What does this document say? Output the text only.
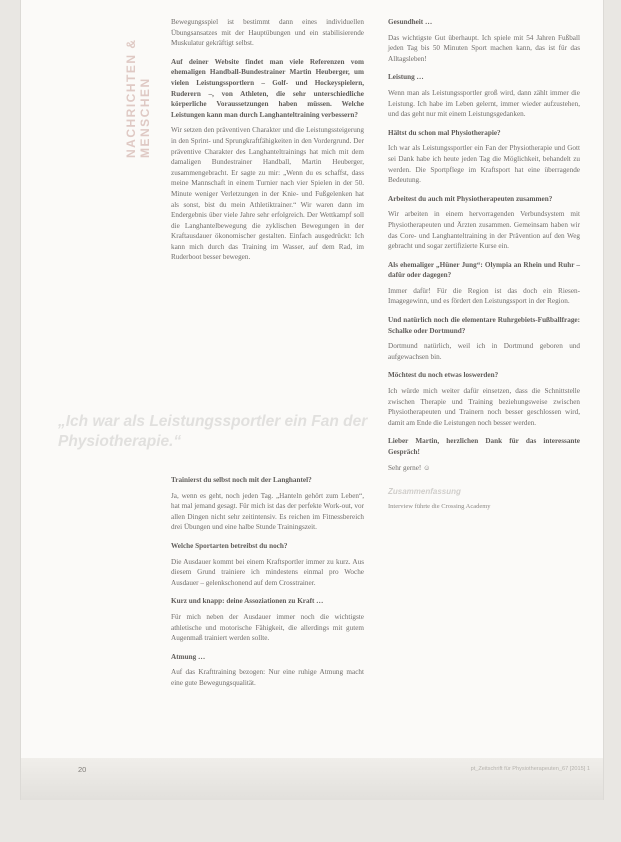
NACHRICHTEN & MENSCHEN

Bewegungsspiel ist bestimmt dann eines individuellen Übungsansatzes mit der Hauptübungen und ein stabilisierende Muskulatur gekräftigt selbst.

Auf deiner Website findet man viele Referenzen vom ehemaligen Handball-Bundestrainer Martin Heuberger, um vielen Leistungssportlern – Golf- und Hockeyspielern, Ruderern –, von Athleten, die sehr unterschiedliche körperliche Voraussetzungen haben müssen. Welche Leistungen kann man durch Langhanteltraining verbessern?

Wir setzen den präventiven Charakter und die Leistungssteigerung in den Sprint- und Sprungkraftfähigkeiten in den Vordergrund. Der präventive Charakter des Langhanteltrainings hat mich mit dem damaligen Bundestrainer Handball, Martin Heuberger, zusammengebracht. Er sagte zu mir: „Wenn du es schaffst, dass meine Mannschaft in einem Turnier nach vier Spielen in der 50. Minute weniger Verletzungen in der Knie- und Fußgelenken hat als sonst, bist du mein Athletiktrainer.“ Wir waren dann im Endergebnis über viele Jahre sehr erfolgreich. Der Wettkampf soll die Langhantelbewegung die zyklischen Bewegungen in der Kraftausdauer ökonomischer gestalten. Einfach ausgedrückt: Ich kann mich durch das Training im Wasser, auf dem Rad, im Ruderboot besser bewegen.

„Ich war als Leistungssportler ein Fan der Physiotherapie.“

Trainierst du selbst noch mit der Langhantel?

Ja, wenn es geht, noch jeden Tag. „Hanteln gehört zum Leben“, hat mal jemand gesagt. Für mich ist das der perfekte Work-out, vor allen Dingen nicht sehr zeitintensiv. Es reichen im Fitnessbereich drei Übungen und eine halbe Stunde Trainingszeit.

Welche Sportarten betreibst du noch?

Die Ausdauer kommt bei einem Kraftsportler immer zu kurz. Aus diesem Grund trainiere ich mindestens einmal pro Woche Ausdauer – gelenkschonend auf dem Crosstrainer.

Kurz und knapp: deine Assoziationen zu Kraft …

Für mich neben der Ausdauer immer noch die wichtigste athletische und motorische Fähigkeit, die allerdings mit gutem Augenmaß trainiert werden sollte.

Atmung …

Auf das Krafttraining bezogen: Nur eine ruhige Atmung macht eine gute Bewegungsqualität.

Gesundheit …

Das wichtigste Gut überhaupt. Ich spiele mit 54 Jahren Fußball jeden Tag bis 50 Minuten Sport machen kann, das ist für das Alltagsleben!

Leistung …

Wenn man als Leistungssportler groß wird, dann zählt immer die Leistung. Ich habe im Leben gelernt, immer wieder aufzustehen, und das geht nur mit einem Leistungsgedanken.

Hältst du schon mal Physiotherapie?

Ich war als Leistungssportler ein Fan der Physiotherapie und Gott sei Dank habe ich heute jeden Tag die Möglichkeit, behandelt zu werden. Die Sportpflege im Kraftsport hat eine überragende Bedeutung.

Arbeitest du auch mit Physiotherapeuten zusammen?

Wir arbeiten in einem hervorragenden Verbundsystem mit Physiotherapeuten und Ärzten zusammen. Gemeinsam haben wir das Core- und Langhanteltraining in der Prävention auf den Weg gebracht und sogar zertifizierte Kurse ein.

Als ehemaliger „Hüner Jung“: Olympia an Rhein und Ruhr – dafür oder dagegen?

Immer dafür! Für die Region ist das doch ein Riesen-Imagegewinn, und es fördert den Leistungssport in der Region.

Und natürlich noch die elementare Ruhrgebiets-Fußballfrage: Schalke oder Dortmund?

Dortmund natürlich, weil ich in Dortmund geboren und aufgewachsen bin.

Möchtest du noch etwas loswerden?

Ich würde mich weiter dafür einsetzen, dass die Schnittstelle zwischen Therapie und Training beziehungsweise zwischen Physiotherapeuten und Trainern noch besser geschlossen wird, damit am Ende die Leistungen noch besser werden.

Lieber Martin, herzlichen Dank für das interessante Gespräch!

Sehr gerne! ☺

Zusammenfassung
Interview führte die Crossing Academy
20	pt_Zeitschrift für Physiotherapeuten_67 [2015] 1
